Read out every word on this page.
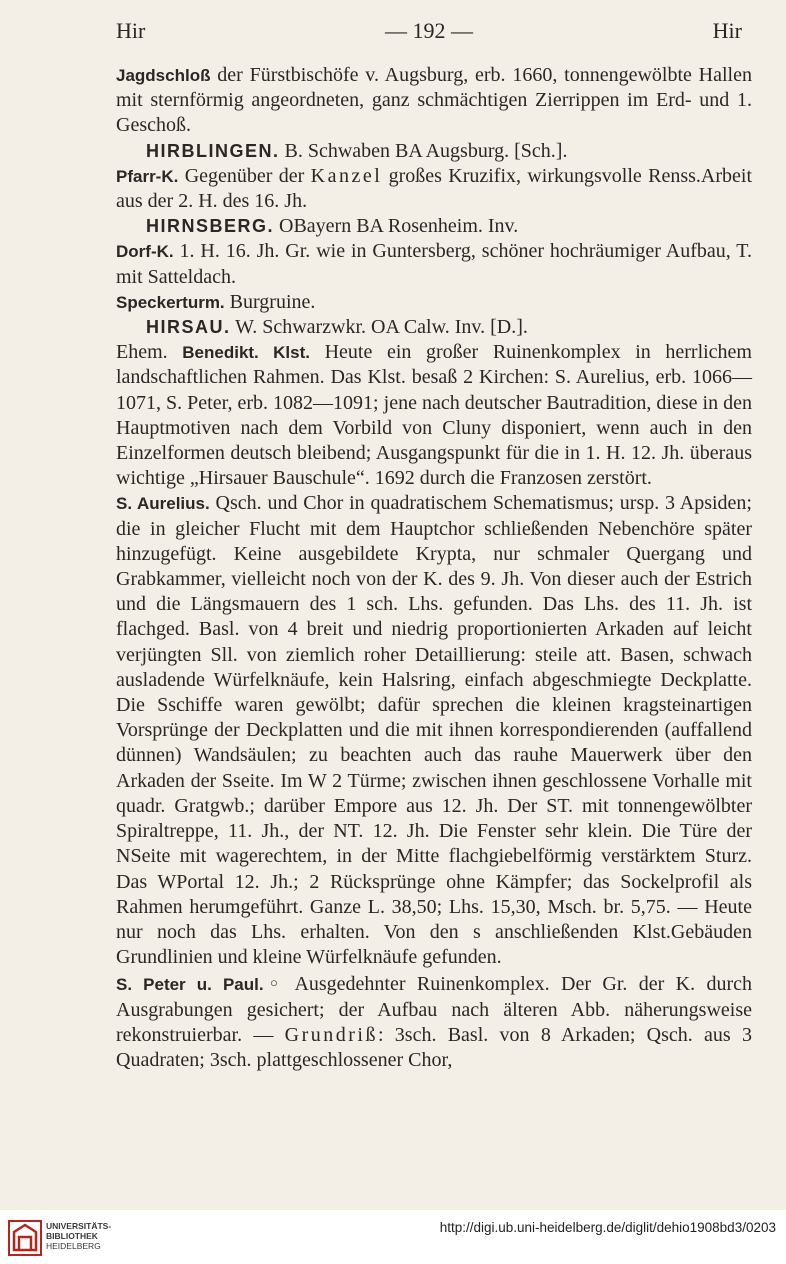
Hir	— 192 —	Hir

Jagdschloß der Fürstbischöfe v. Augsburg, erb. 1660, tonnengewölbte Hallen mit sternförmig angeordneten, ganz schmächtigen Zierrippen im Erd- und 1. Geschoß.

HIRBLINGEN. B. Schwaben BA Augsburg. [Sch.].

Pfarr-K. Gegenüber der Kanzel großes Kruzifix, wirkungsvolle Renss.Arbeit aus der 2. H. des 16. Jh.

HIRNSBERG. OBayern BA Rosenheim. Inv.

Dorf-K. 1. H. 16. Jh. Gr. wie in Guntersberg, schöner hochräumiger Aufbau, T. mit Satteldach.

Speckerturm. Burgruine.

HIRSAU. W. Schwarzwkr. OA Calw. Inv. [D.].

Ehem. Benedikt. Klst. Heute ein großer Ruinenkomplex in herrlichem landschaftlichen Rahmen. Das Klst. besaß 2 Kirchen: S. Aurelius, erb. 1066—1071, S. Peter, erb. 1082—1091; jene nach deutscher Bautradition, diese in den Hauptmotiven nach dem Vorbild von Cluny disponiert, wenn auch in den Einzelformen deutsch bleibend; Ausgangspunkt für die in 1. H. 12. Jh. überaus wichtige „Hirsauer Bauschule“. 1692 durch die Franzosen zerstört.

S. Aurelius. Qsch. und Chor in quadratischem Schematismus; ursp. 3 Apsiden; die in gleicher Flucht mit dem Hauptchor schließenden Nebenchöre später hinzugefügt. Keine ausgebildete Krypta, nur schmaler Quergang und Grabkammer, vielleicht noch von der K. des 9. Jh. Von dieser auch der Estrich und die Längsmauern des 1 sch. Lhs. gefunden. Das Lhs. des 11. Jh. ist flachged. Basl. von 4 breit und niedrig proportionierten Arkaden auf leicht verjüngten Sll. von ziemlich roher Detaillierung: steile att. Basen, schwach ausladende Würfelknäufe, kein Halsring, einfach abgeschmiegte Deckplatte. Die Sschiffe waren gewölbt; dafür sprechen die kleinen kragsteinartigen Vorsprünge der Deckplatten und die mit ihnen korrespondierenden (auffallend dünnen) Wandsäulen; zu beachten auch das rauhe Mauerwerk über den Arkaden der Sseite. Im W 2 Türme; zwischen ihnen geschlossene Vorhalle mit quadr. Gratgwb.; darüber Empore aus 12. Jh. Der ST. mit tonnengewölbter Spiraltreppe, 11. Jh., der NT. 12. Jh. Die Fenster sehr klein. Die Türe der NSeite mit wagerechtem, in der Mitte flachgiebelförmig verstärktem Sturz. Das WPortal 12. Jh.; 2 Rücksprünge ohne Kämpfer; das Sockelprofil als Rahmen herumgeführt. Ganze L. 38,50; Lhs. 15,30, Msch. br. 5,75. — Heute nur noch das Lhs. erhalten. Von den s anschließenden Klst.Gebäuden Grundlinien und kleine Würfelknäufe gefunden.

S. Peter u. Paul.○ Ausgedehnter Ruinenkomplex. Der Gr. der K. durch Ausgrabungen gesichert; der Aufbau nach älteren Abb. näherungsweise rekonstruierbar. — Grundriß: 3sch. Basl. von 8 Arkaden; Qsch. aus 3 Quadraten; 3sch. plattgeschlossener Chor,

UNIVERSITÄTS-
BIBLIOTHEK
HEIDELBERG
http://digi.ub.uni-heidelberg.de/diglit/dehio1908bd3/0203
